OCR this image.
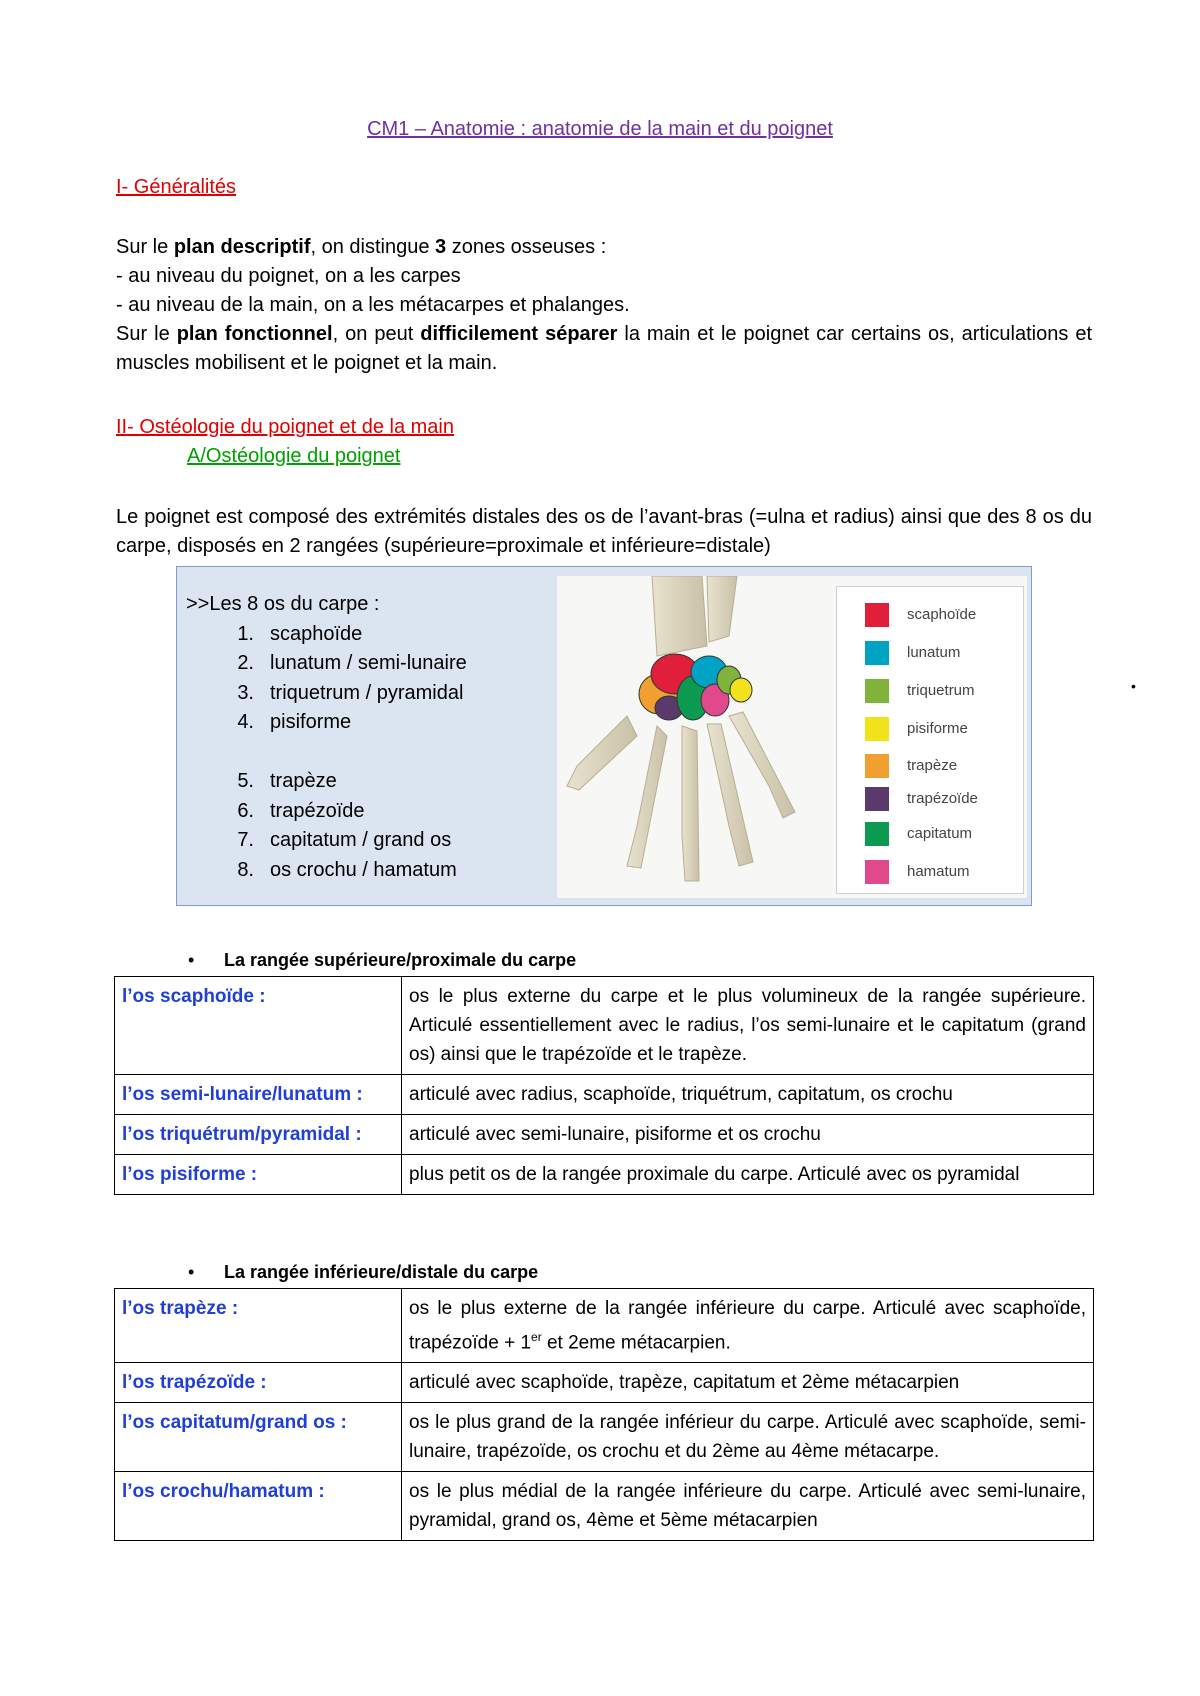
CM1 – Anatomie : anatomie de la main et du poignet
I- Généralités

Sur le plan descriptif, on distingue 3 zones osseuses :

- au niveau du poignet, on a les carpes

- au niveau de la main, on a les métacarpes et phalanges.

Sur le plan fonctionnel, on peut difficilement séparer la main et le poignet car certains os, articulations et muscles mobilisent et le poignet et la main.

II- Ostéologie du poignet et de la main
A/Ostéologie du poignet
Le poignet est composé des extrémités distales des os de l’avant-bras (=ulna et radius) ainsi que des 8 os du carpe, disposés en 2 rangées (supérieure=proximale et inférieure=distale)
>>Les 8 os du carpe :
1. scaphoïde
2. lunatum / semi-lunaire
3. triquetrum / pyramidal
4. pisiforme
5. trapèze
6. trapézoïde
7. capitatum / grand os
8. os crochu / hamatum
scaphoïde
lunatum
triquetrum
pisiforme
trapèze
trapézoïde
capitatum
hamatum
•
• La rangée supérieure/proximale du carpe
l’os scaphoïde :	os le plus externe du carpe et le plus volumineux de la rangée supérieure. Articulé essentiellement avec le radius, l’os semi-lunaire et le capitatum (grand os) ainsi que le trapézoïde et le trapèze.
l’os semi-lunaire/lunatum :	articulé avec radius, scaphoïde, triquétrum, capitatum, os crochu
l’os triquétrum/pyramidal :	articulé avec semi-lunaire, pisiforme et os crochu
l’os pisiforme :	plus petit os de la rangée proximale du carpe. Articulé avec os pyramidal
• La rangée inférieure/distale du carpe
l’os trapèze :	os le plus externe de la rangée inférieure du carpe. Articulé avec scaphoïde, trapézoïde + 1er et 2eme métacarpien.
l’os trapézoïde :	articulé avec scaphoïde, trapèze, capitatum et 2ème métacarpien
l’os capitatum/grand os :	os le plus grand de la rangée inférieur du carpe. Articulé avec scaphoïde, semi-lunaire, trapézoïde, os crochu et du 2ème au 4ème métacarpe.
l’os crochu/hamatum :	os le plus médial de la rangée inférieure du carpe. Articulé avec semi-lunaire, pyramidal, grand os, 4ème et 5ème métacarpien
